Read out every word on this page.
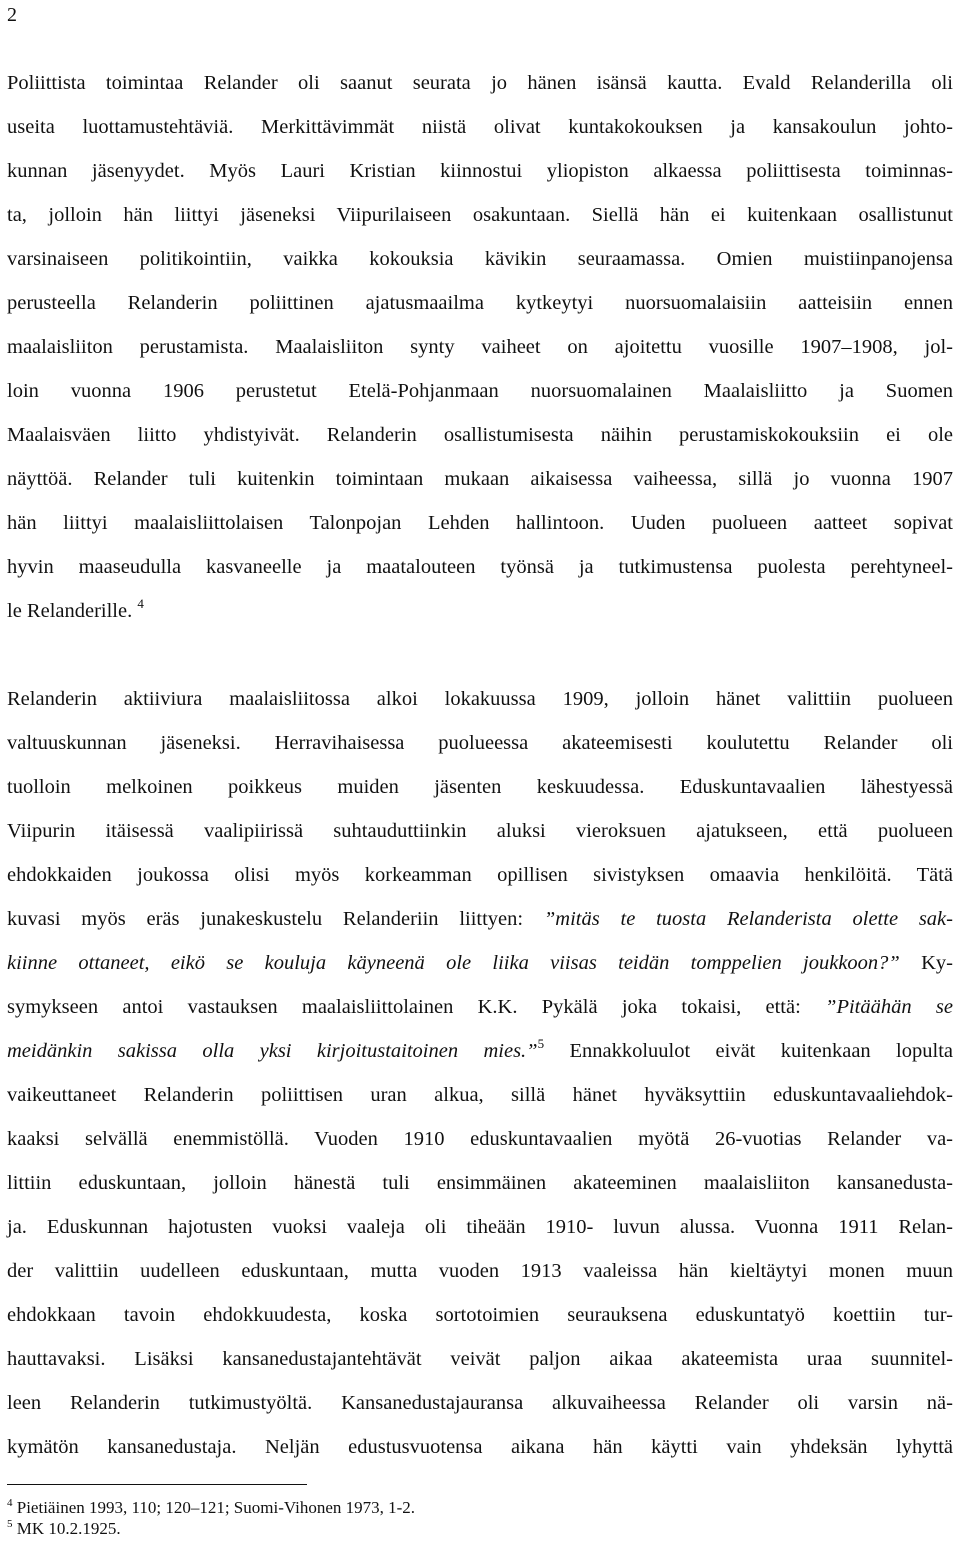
2
Poliittista toimintaa Relander oli saanut seurata jo hänen isänsä kautta. Evald Relanderilla oli
useita luottamustehtäviä. Merkittävimmät niistä olivat kuntakokouksen ja kansakoulun johto-
kunnan jäsenyydet. Myös Lauri Kristian kiinnostui yliopiston alkaessa poliittisesta toiminnas-
ta, jolloin hän liittyi jäseneksi Viipurilaiseen osakuntaan. Siellä hän ei kuitenkaan osallistunut
varsinaiseen politikointiin, vaikka kokouksia kävikin seuraamassa. Omien muistiinpanojensa
perusteella Relanderin poliittinen ajatusmaailma kytkeytyi nuorsuomalaisiin aatteisiin ennen
maalaisliiton perustamista. Maalaisliiton synty vaiheet on ajoitettu vuosille 1907–1908, jol-
loin vuonna 1906 perustetut Etelä-Pohjanmaan nuorsuomalainen Maalaisliitto ja Suomen
Maalaisväen liitto yhdistyivät. Relanderin osallistumisesta näihin perustamiskokouksiin ei ole
näyttöä. Relander tuli kuitenkin toimintaan mukaan aikaisessa vaiheessa, sillä jo vuonna 1907
hän liittyi maalaisliittolaisen Talonpojan Lehden hallintoon. Uuden puolueen aatteet sopivat
hyvin maaseudulla kasvaneelle ja maatalouteen työnsä ja tutkimustensa puolesta perehtyneel-
le Relanderille. $^4$
Relanderin aktiiviura maalaisliitossa alkoi lokakuussa 1909, jolloin hänet valittiin puolueen
valtuuskunnan jäseneksi. Herravihaisessa puolueessa akateemisesti koulutettu Relander oli
tuolloin melkoinen poikkeus muiden jäsenten keskuudessa. Eduskuntavaalien lähestyessä
Viipurin itäisessä vaalipiirissä suhtauduttiinkin aluksi vieroksuen ajatukseen, että puolueen
ehdokkaiden joukossa olisi myös korkeamman opillisen sivistyksen omaavia henkilöitä. Tätä
kuvasi myös eräs junakeskustelu Relanderiin liittyen: ”mitäs te tuosta Relanderista olette sak-
kiinne ottaneet, eikö se kouluja käyneenä ole liika viisas teidän tomppelien joukkoon?” Ky-
symykseen antoi vastauksen maalaisliittolainen K.K. Pykälä joka tokaisi, että: ”Pitäähän se
meidänkin sakissa olla yksi kirjoitustaitoinen mies.”$^5$ Ennakkoluulot eivät kuitenkaan lopulta
vaikeuttaneet Relanderin poliittisen uran alkua, sillä hänet hyväksyttiin eduskuntavaaliehdok-
kaaksi selvällä enemmistöllä. Vuoden 1910 eduskuntavaalien myötä 26-vuotias Relander va-
littiin eduskuntaan, jolloin hänestä tuli ensimmäinen akateeminen maalaisliiton kansanedusta-
ja. Eduskunnan hajotusten vuoksi vaaleja oli tiheään 1910- luvun alussa. Vuonna 1911 Relan-
der valittiin uudelleen eduskuntaan, mutta vuoden 1913 vaaleissa hän kieltäytyi monen muun
ehdokkaan tavoin ehdokkuudesta, koska sortotoimien seurauksena eduskuntatyö koettiin tur-
hauttavaksi. Lisäksi kansanedustajantehtävät veivät paljon aikaa akateemista uraa suunnitel-
leen Relanderin tutkimustyöltä. Kansanedustajauransa alkuvaiheessa Relander oli varsin nä-
kymätön kansanedustaja. Neljän edustusvuotensa aikana hän käytti vain yhdeksän lyhyttä
$^4$ Pietiäinen 1993, 110; 120–121; Suomi-Vihonen 1973, 1-2.
$^5$ MK 10.2.1925.
